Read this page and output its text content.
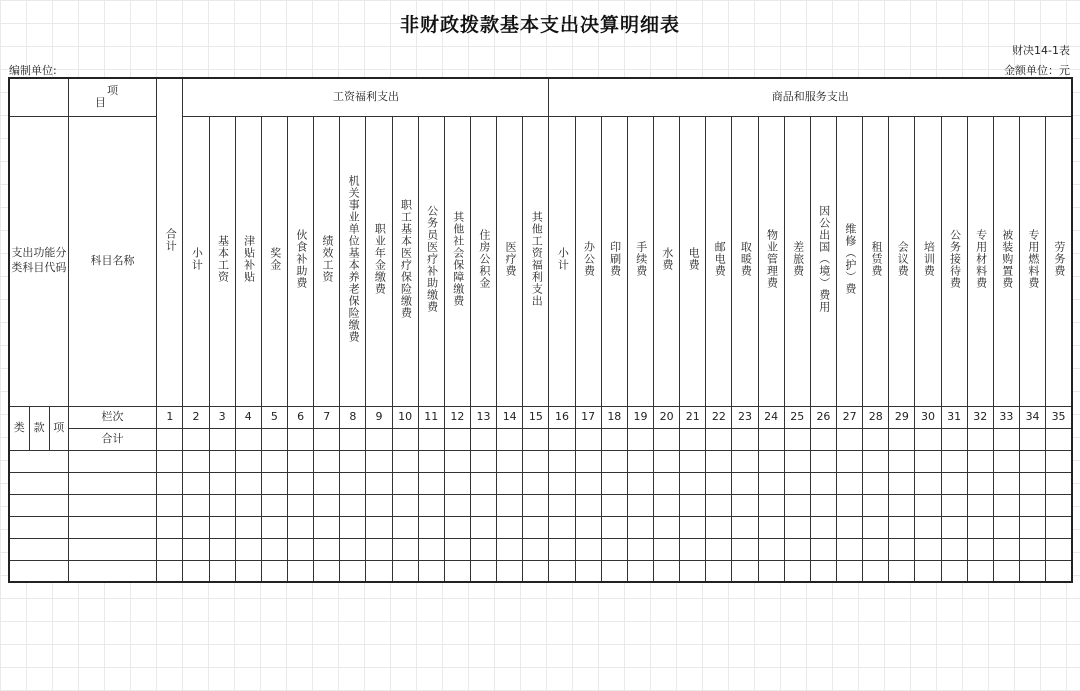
非财政拨款基本支出决算明细表
财决14-1表
编制单位:	金额单位：元
			项目	合计	工资福利支出														商品和服务支出																			

支出功能分类科目代码			科目名称		小计	基本工资	津贴补贴	奖金	伙食补助费	绩效工资	机关事业单位基本养老保险缴费	职业年金缴费	职工基本医疗保险缴费	公务员医疗补助缴费	其他社会保障缴费	住房公积金	医疗费	其他工资福利支出	小计	办公费	印刷费	手续费	水费	电费	邮电费	取暖费	物业管理费	差旅费	因公出国（境）费用	维修（护）费	租赁费	会议费	培训费	公务接待费	专用材料费	被装购置费	专用燃料费	劳务费
类	款	项	栏次	1	2	3	4	5	6	7	8	9	10	11	12	13	14	15	16	17	18	19	20	21	22	23	24	25	26	27	28	29	30	31	32	33	34	35
			合计																																			
